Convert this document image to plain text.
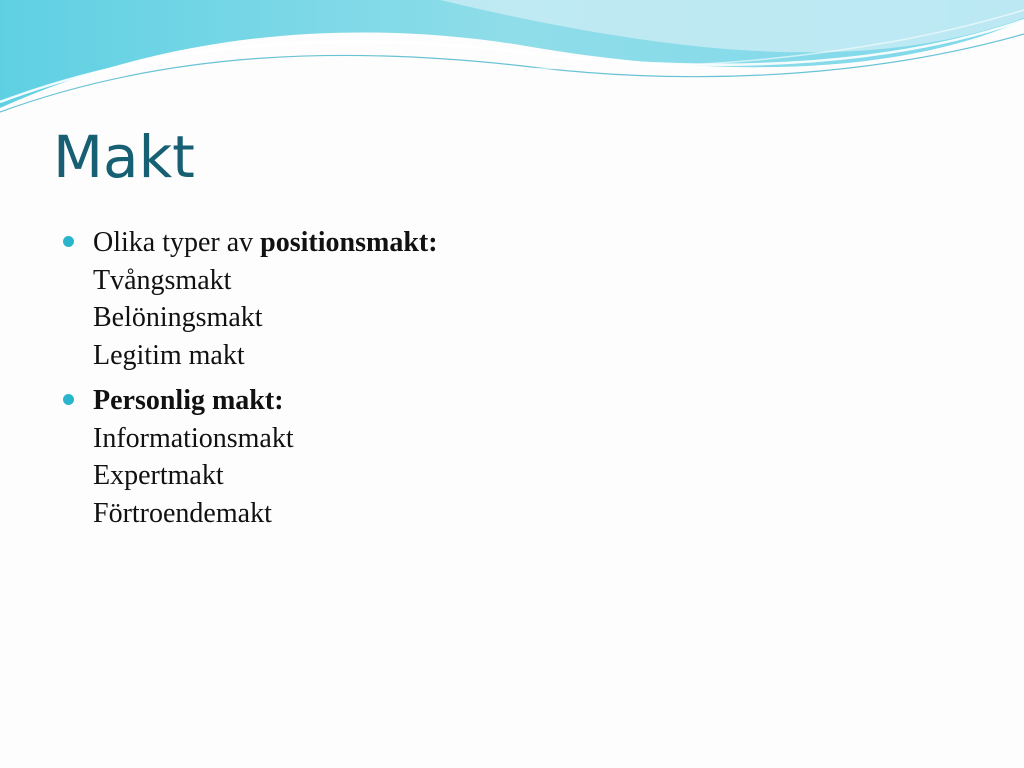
Makt
Olika typer av positionsmakt:
Tvångsmakt
Belöningsmakt
Legitim makt
Personlig makt:
Informationsmakt
Expertmakt
Förtroendemakt
